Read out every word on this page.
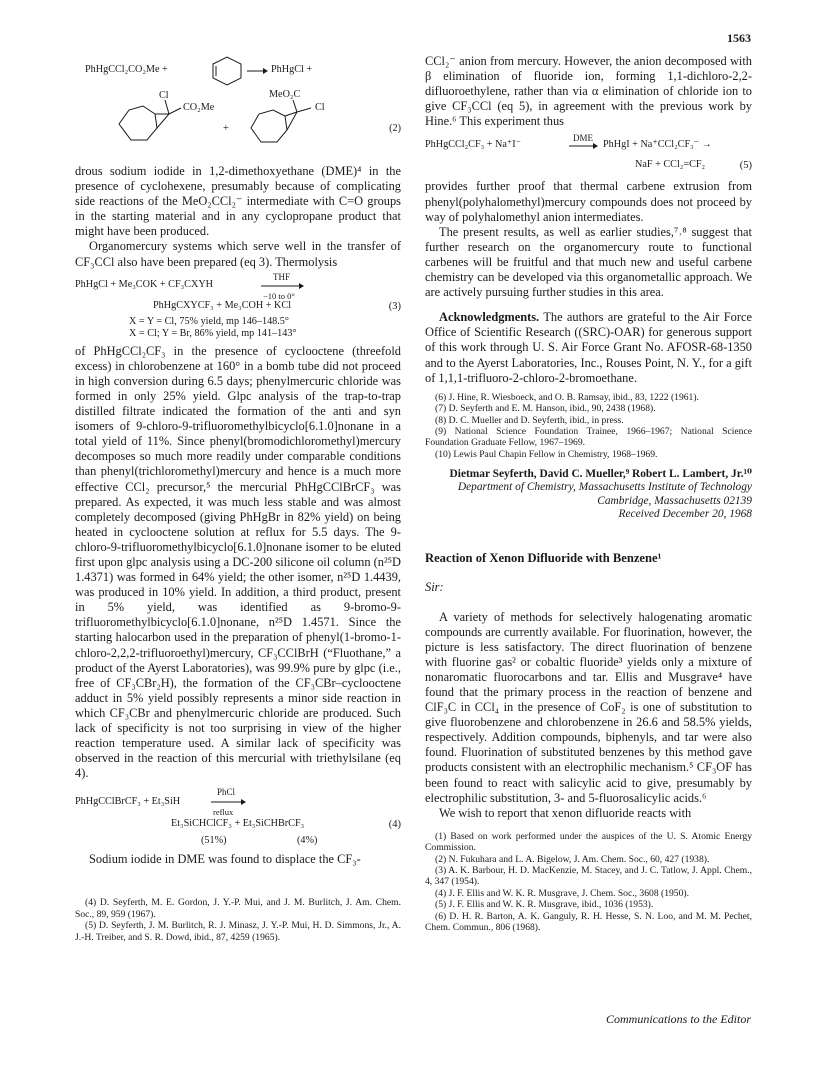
1563
PhHgCCl₂CO₂Me +	PhHgCl +
Cl
CO₂Me
MeO₂C
Cl
+	(2)

drous sodium iodide in 1,2-dimethoxyethane (DME)⁴ in the presence of cyclohexene, presumably because of complicating side reactions of the MeO₂CCl₂⁻ intermediate with C=O groups in the starting material and in any cyclopropane product that might have been produced.

Organomercury systems which serve well in the transfer of CF₃CCl also have been prepared (eq 3). Thermolysis

PhHgCl + Me₃COK + CF₃CXYH
THF
−10 to 0°
PhHgCXYCF₃ + Me₃COH + KCl	(3)
X = Y = Cl, 75% yield, mp 146–148.5°
X = Cl; Y = Br, 86% yield, mp 141–143°

of PhHgCCl₂CF₃ in the presence of cyclooctene (threefold excess) in chlorobenzene at 160° in a bomb tube did not proceed in high conversion during 6.5 days; phenylmercuric chloride was formed in only 25% yield. Glpc analysis of the trap-to-trap distilled filtrate indicated the formation of the anti and syn isomers of 9-chloro-9-trifluoromethylbicyclo[6.1.0]nonane in a total yield of 11%. Since phenyl(bromodichloromethyl)mercury decomposes so much more readily under comparable conditions than phenyl(trichloromethyl)mercury and hence is a much more effective CCl₂ precursor,⁵ the mercurial PhHgCClBrCF₃ was prepared. As expected, it was much less stable and was almost completely decomposed (giving PhHgBr in 82% yield) on being heated in cyclooctene solution at reflux for 5.5 days. The 9-chloro-9-trifluoromethylbicyclo[6.1.0]nonane isomer to be eluted first upon glpc analysis using a DC-200 silicone oil column (n²⁵D 1.4371) was formed in 64% yield; the other isomer, n²⁵D 1.4439, was produced in 10% yield. In addition, a third product, present in 5% yield, was identified as 9-bromo-9-trifluoromethylbicyclo[6.1.0]nonane, n²⁵D 1.4571. Since the starting halocarbon used in the preparation of phenyl(1-bromo-1-chloro-2,2,2-trifluoroethyl)mercury, CF₃CClBrH (“Fluothane,” a product of the Ayerst Laboratories), was 99.9% pure by glpc (i.e., free of CF₃CBr₂H), the formation of the CF₃CBr–cyclooctene adduct in 5% yield possibly represents a minor side reaction in which CF₃CBr and phenylmercuric chloride are produced. Such lack of specificity is not too surprising in view of the higher reaction temperature used. A similar lack of specificity was observed in the reaction of this mercurial with triethylsilane (eq 4).

PhHgCClBrCF₃ + Et₃SiH
PhCl
reflux
Et₃SiCHClCF₃ + Et₃SiCHBrCF₃	(4)
(51%)	(4%)

Sodium iodide in DME was found to displace the CF₃-

(4) D. Seyferth, M. E. Gordon, J. Y.-P. Mui, and J. M. Burlitch, J. Am. Chem. Soc., 89, 959 (1967).

(5) D. Seyferth, J. M. Burlitch, R. J. Minasz, J. Y.-P. Mui, H. D. Simmons, Jr., A. J.-H. Treiber, and S. R. Dowd, ibid., 87, 4259 (1965).

CCl₂⁻ anion from mercury. However, the anion decomposed with β elimination of fluoride ion, forming 1,1-dichloro-2,2-difluoroethylene, rather than via α elimination of chloride ion to give CF₃CCl (eq 5), in agreement with the previous work by Hine.⁶ This experiment thus

PhHgCCl₂CF₃ + Na⁺I⁻
DME
PhHgI + Na⁺CCl₂CF₃⁻ →
NaF + CCl₂=CF₂	(5)

provides further proof that thermal carbene extrusion from phenyl(polyhalomethyl)mercury compounds does not proceed by way of polyhalomethyl anion intermediates.

The present results, as well as earlier studies,⁷˒⁸ suggest that further research on the organomercury route to functional carbenes will be fruitful and that much new and useful carbene chemistry can be developed via this organometallic approach. We are actively pursuing further studies in this area.

Acknowledgments. The authors are grateful to the Air Force Office of Scientific Research ((SRC)-OAR) for generous support of this work through U. S. Air Force Grant No. AFOSR-68-1350 and to the Ayerst Laboratories, Inc., Rouses Point, N. Y., for a gift of 1,1,1-trifluoro-2-chloro-2-bromoethane.

(6) J. Hine, R. Wiesboeck, and O. B. Ramsay, ibid., 83, 1222 (1961).

(7) D. Seyferth and E. M. Hanson, ibid., 90, 2438 (1968).

(8) D. C. Mueller and D. Seyferth, ibid., in press.

(9) National Science Foundation Trainee, 1966–1967; National Science Foundation Graduate Fellow, 1967–1969.

(10) Lewis Paul Chapin Fellow in Chemistry, 1968–1969.

Dietmar Seyferth, David C. Mueller,⁹ Robert L. Lambert, Jr.¹⁰
Department of Chemistry, Massachusetts Institute of Technology
Cambridge, Massachusetts 02139
Received December 20, 1968
Reaction of Xenon Difluoride with Benzene¹
Sir:

A variety of methods for selectively halogenating aromatic compounds are currently available. For fluorination, however, the picture is less satisfactory. The direct fluorination of benzene with fluorine gas² or cobaltic fluoride³ yields only a mixture of nonaromatic fluorocarbons and tar. Ellis and Musgrave⁴ have found that the primary process in the reaction of benzene and ClF₃C in CCl₄ in the presence of CoF₂ is one of substitution to give fluorobenzene and chlorobenzene in 26.6 and 58.5% yields, respectively. Addition compounds, biphenyls, and tar were also found. Fluorination of substituted benzenes by this method gave products consistent with an electrophilic mechanism.⁵ CF₃OF has been found to react with salicylic acid to give, presumably by electrophilic substitution, 3- and 5-fluorosalicylic acids.⁶

We wish to report that xenon difluoride reacts with

(1) Based on work performed under the auspices of the U. S. Atomic Energy Commission.

(2) N. Fukuhara and L. A. Bigelow, J. Am. Chem. Soc., 60, 427 (1938).

(3) A. K. Barbour, H. D. MacKenzie, M. Stacey, and J. C. Tatlow, J. Appl. Chem., 4, 347 (1954).

(4) J. F. Ellis and W. K. R. Musgrave, J. Chem. Soc., 3608 (1950).

(5) J. F. Ellis and W. K. R. Musgrave, ibid., 1036 (1953).

(6) D. H. R. Barton, A. K. Ganguly, R. H. Hesse, S. N. Loo, and M. M. Pechet, Chem. Commun., 806 (1968).

Communications to the Editor
